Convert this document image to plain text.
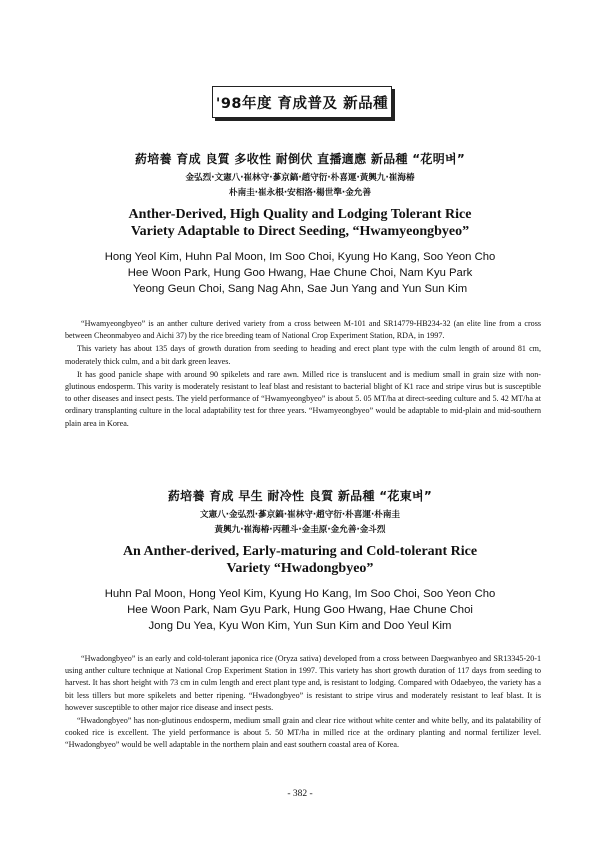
'98年度 育成普及 新品種
葯培養 育成 良質 多收性 耐倒伏 直播適應 新品種 “花明벼”
金弘烈·文憲八·崔林守·蔘京鎬·趙守衍·朴喜運·黃興九·崔海椿
朴南圭·崔永根·安相洛·楊世準·金允善
Anther-Derived, High Quality and Lodging Tolerant Rice
Variety Adaptable to Direct Seeding, “Hwamyeongbyeo”
Hong Yeol Kim, Huhn Pal Moon, Im Soo Choi, Kyung Ho Kang, Soo Yeon Cho
Hee Woon Park, Hung Goo Hwang, Hae Chune Choi, Nam Kyu Park
Yeong Geun Choi, Sang Nag Ahn, Sae Jun Yang and Yun Sun Kim

“Hwamyeongbyeo” is an anther culture derived variety from a cross between M-101 and SR14779-HB234-32 (an elite line from a cross between Cheonmabyeo and Aichi 37) by the rice breeding team of National Crop Experiment Station, RDA, in 1997.

This variety has about 135 days of growth duration from seeding to heading and erect plant type with the culm length of around 81 cm, moderately thick culm, and a bit dark green leaves.

It has good panicle shape with around 90 spikelets and rare awn. Milled rice is translucent and is medium small in grain size with non-glutinous endosperm. This varity is moderately resistant to leaf blast and resistant to bacterial blight of K1 race and stripe virus but is susceptible to other diseases and insect pests. The yield performance of “Hwamyeongbyeo” is about 5. 05 MT/ha at direct-seeding culture and 5. 42 MT/ha at ordinary transplanting culture in the local adaptability test for three years. “Hwamyeongbyeo” would be adaptable to mid-plain and mid-southern plain area in Korea.

葯培養 育成 早生 耐冷性 良質 新品種 “花東벼”
文憲八·金弘烈·蔘京鎬·崔林守·趙守衍·朴喜運·朴南圭
黃興九·崔海椿·丙種斗·金圭原·金允善·金斗烈
An Anther-derived, Early-maturing and Cold-tolerant Rice
Variety “Hwadongbyeo”
Huhn Pal Moon, Hong Yeol Kim, Kyung Ho Kang, Im Soo Choi, Soo Yeon Cho
Hee Woon Park, Nam Gyu Park, Hung Goo Hwang, Hae Chune Choi
Jong Du Yea, Kyu Won Kim, Yun Sun Kim and Doo Yeul Kim

“Hwadongbyeo” is an early and cold-tolerant japonica rice (Oryza sativa) developed from a cross between Daegwanbyeo and SR13345-20-1 using anther culture technique at National Crop Experiment Station in 1997. This variety has short growth duration of 117 days from seeding to harvest. It has short height with 73 cm in culm length and erect plant type and, is resistant to lodging. Compared with Odaebyeo, the variety has a bit less tillers but more spikelets and better ripening. “Hwadongbyeo” is resistant to stripe virus and moderately resistant to leaf blast. It is however susceptible to other major rice disease and insect pests.

“Hwadongbyeo” has non-glutinous endosperm, medium small grain and clear rice without white center and white belly, and its palatability of cooked rice is excellent. The yield performance is about 5. 50 MT/ha in milled rice at the ordinary planting and normal fertilizer level. “Hwadongbyeo” would be well adaptable in the northern plain and east southern coastal area of Korea.

- 382 -
